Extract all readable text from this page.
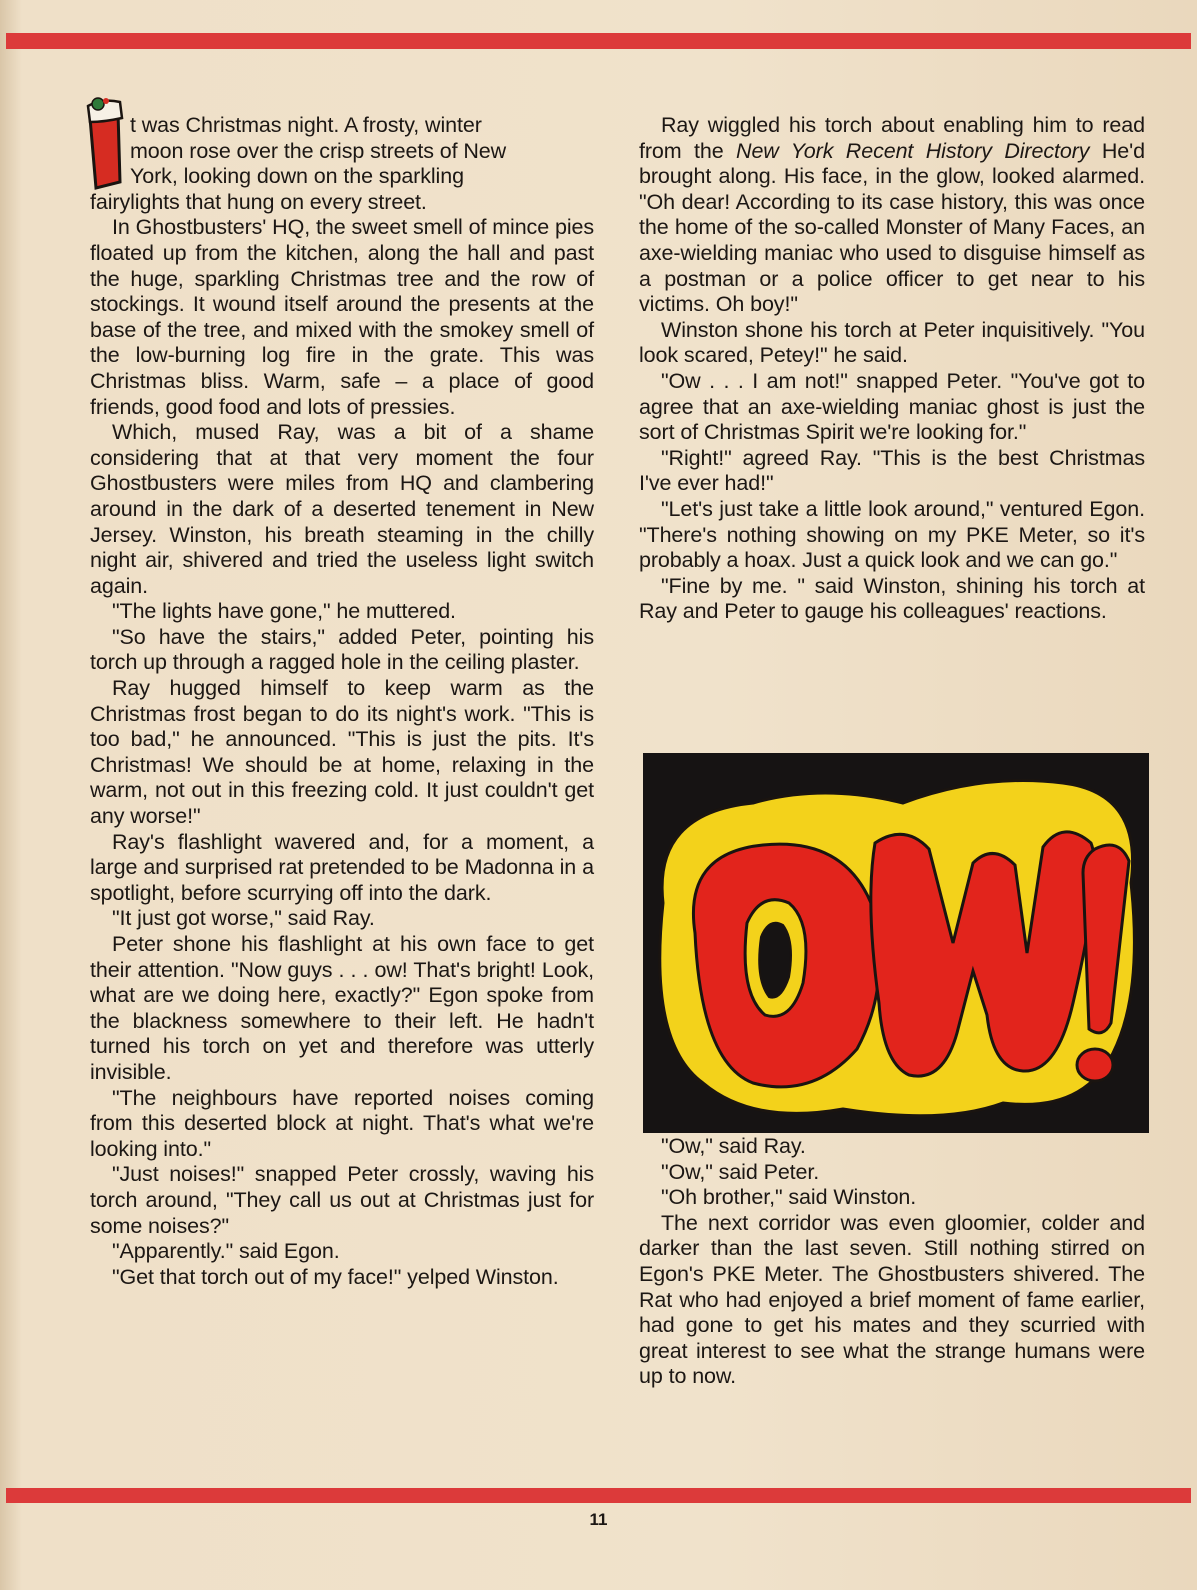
I

t was Christmas night. A frosty, winter

moon rose over the crisp streets of New

York, looking down on the sparkling

fairylights that hung on every street.

In Ghostbusters' HQ, the sweet smell of mince pies floated up from the kitchen, along the hall and past the huge, sparkling Christmas tree and the row of stockings. It wound itself around the presents at the base of the tree, and mixed with the smokey smell of the low-burning log fire in the grate. This was Christmas bliss. Warm, safe – a place of good friends, good food and lots of pressies.

Which, mused Ray, was a bit of a shame considering that at that very moment the four Ghostbusters were miles from HQ and clambering around in the dark of a deserted tenement in New Jersey. Winston, his breath steaming in the chilly night air, shivered and tried the useless light switch again.

"The lights have gone," he muttered.

"So have the stairs," added Peter, pointing his torch up through a ragged hole in the ceiling plaster.

Ray hugged himself to keep warm as the Christmas frost began to do its night's work. "This is too bad," he announced. "This is just the pits. It's Christmas! We should be at home, relaxing in the warm, not out in this freezing cold. It just couldn't get any worse!"

Ray's flashlight wavered and, for a moment, a large and surprised rat pretended to be Madonna in a spotlight, before scurrying off into the dark.

"It just got worse," said Ray.

Peter shone his flashlight at his own face to get their attention. "Now guys . . . ow! That's bright! Look, what are we doing here, exactly?" Egon spoke from the blackness somewhere to their left. He hadn't turned his torch on yet and therefore was utterly invisible.

"The neighbours have reported noises coming from this deserted block at night. That's what we're looking into."

"Just noises!" snapped Peter crossly, waving his torch around, "They call us out at Christmas just for some noises?"

"Apparently." said Egon.

"Get that torch out of my face!" yelped Winston.

Ray wiggled his torch about enabling him to read from the New York Recent History Directory He'd brought along. His face, in the glow, looked alarmed. "Oh dear! According to its case history, this was once the home of the so-called Monster of Many Faces, an axe-wielding maniac who used to disguise himself as a postman or a police officer to get near to his victims. Oh boy!"

Winston shone his torch at Peter inquisitively. "You look scared, Petey!" he said.

"Ow . . . I am not!" snapped Peter. "You've got to agree that an axe-wielding maniac ghost is just the sort of Christmas Spirit we're looking for."

"Right!" agreed Ray. "This is the best Christmas I've ever had!"

"Let's just take a little look around," ventured Egon. "There's nothing showing on my PKE Meter, so it's probably a hoax. Just a quick look and we can go."

"Fine by me. " said Winston, shining his torch at Ray and Peter to gauge his colleagues' reactions.

OW!

"Ow," said Ray.

"Ow," said Peter.

"Oh brother," said Winston.

The next corridor was even gloomier, colder and darker than the last seven. Still nothing stirred on Egon's PKE Meter. The Ghostbusters shivered. The Rat who had enjoyed a brief moment of fame earlier, had gone to get his mates and they scurried with great interest to see what the strange humans were up to now.

11
